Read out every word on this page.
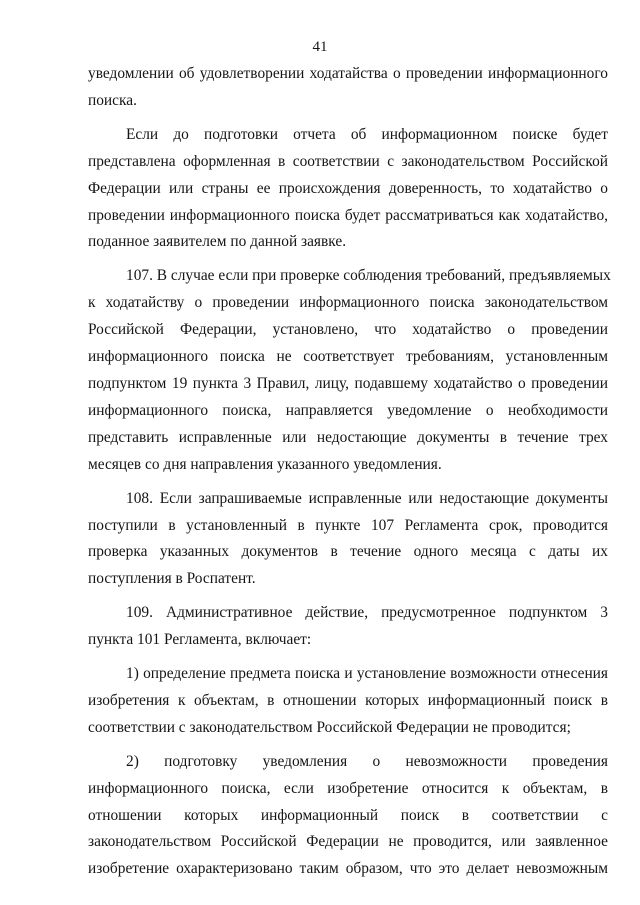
41
уведомлении об удовлетворении ходатайства о проведении информационного
поиска.
Если до подготовки отчета об информационном поиске будет
представлена оформленная в соответствии с законодательством Российской
Федерации или страны ее происхождения доверенность, то ходатайство о
проведении информационного поиска будет рассматриваться как ходатайство,
поданное заявителем по данной заявке.
107. В случае если при проверке соблюдения требований, предъявляемых
к ходатайству о проведении информационного поиска законодательством
Российской Федерации, установлено, что ходатайство о проведении
информационного поиска не соответствует требованиям, установленным
подпунктом 19 пункта 3 Правил, лицу, подавшему ходатайство о проведении
информационного поиска, направляется уведомление о необходимости
представить исправленные или недостающие документы в течение трех
месяцев со дня направления указанного уведомления.
108. Если запрашиваемые исправленные или недостающие документы
поступили в установленный в пункте 107 Регламента срок, проводится
проверка указанных документов в течение одного месяца с даты их
поступления в Роспатент.
109. Административное действие, предусмотренное подпунктом 3
пункта 101 Регламента, включает:
1) определение предмета поиска и установление возможности отнесения
изобретения к объектам, в отношении которых информационный поиск в
соответствии с законодательством Российской Федерации не проводится;
2) подготовку уведомления о невозможности проведения
информационного поиска, если изобретение относится к объектам, в
отношении которых информационный поиск в соответствии с
законодательством Российской Федерации не проводится, или заявленное
изобретение охарактеризовано таким образом, что это делает невозможным
